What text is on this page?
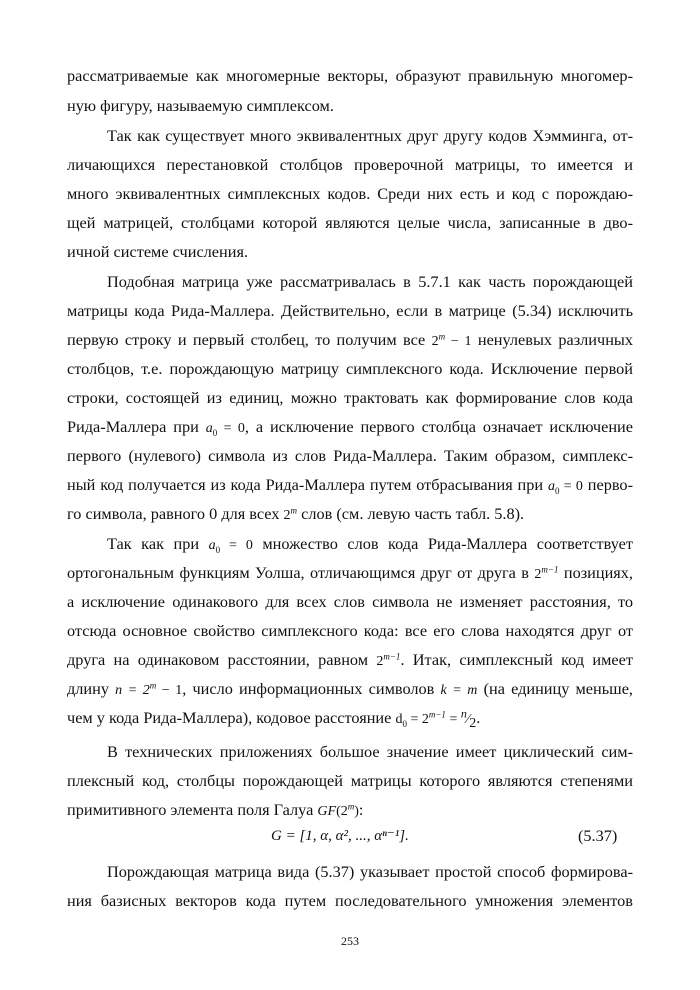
рассматриваемые как многомерные векторы, образуют правильную многомер-
ную фигуру, называемую симплексом.
Так как существует много эквивалентных друг другу кодов Хэмминга, от-
личающихся перестановкой столбцов проверочной матрицы, то имеется и
много эквивалентных симплексных кодов. Среди них есть и код с порождаю-
щей матрицей, столбцами которой являются целые числа, записанные в дво-
ичной системе счисления.
Подобная матрица уже рассматривалась в 5.7.1 как часть порождающей
матрицы кода Рида-Маллера. Действительно, если в матрице (5.34) исключить
первую строку и первый столбец, то получим все $2^m - 1$ ненулевых различных
столбцов, т.е. порождающую матрицу симплексного кода. Исключение первой
строки, состоящей из единиц, можно трактовать как формирование слов кода
Рида-Маллера при $a_0 = 0$, а исключение первого столбца означает исключение
первого (нулевого) символа из слов Рида-Маллера. Таким образом, симплекс-
ный код получается из кода Рида-Маллера путем отбрасывания при $a_0 = 0$ перво-
го символа, равного 0 для всех 2$^m$ слов (см. левую часть табл. 5.8).
Так как при $a_0 = 0$ множество слов кода Рида-Маллера соответствует
ортогональным функциям Уолша, отличающимся друг от друга в $2^{m-1}$ позициях,
а исключение одинакового для всех слов символа не изменяет расстояния, то
отсюда основное свойство симплексного кода: все его слова находятся друг от
друга на одинаковом расстоянии, равном $2^{m-1}$. Итак, симплексный код имеет
длину $n = 2^m - 1$, число информационных символов k = m (на единицу меньше,
чем у кода Рида-Маллера), кодовое расстояние $d_0 = 2^{m-1}$ = $^n⁄_2$.
В технических приложениях большое значение имеет циклический сим-
плексный код, столбцы порождающей матрицы которого являются степенями
примитивного элемента поля Галуа GF(2$^m$):
G = [1, α, α², ..., αⁿ⁻¹].	(5.37)
Порождающая матрица вида (5.37) указывает простой способ формирова-
ния базисных векторов кода путем последовательного умножения элементов
253
